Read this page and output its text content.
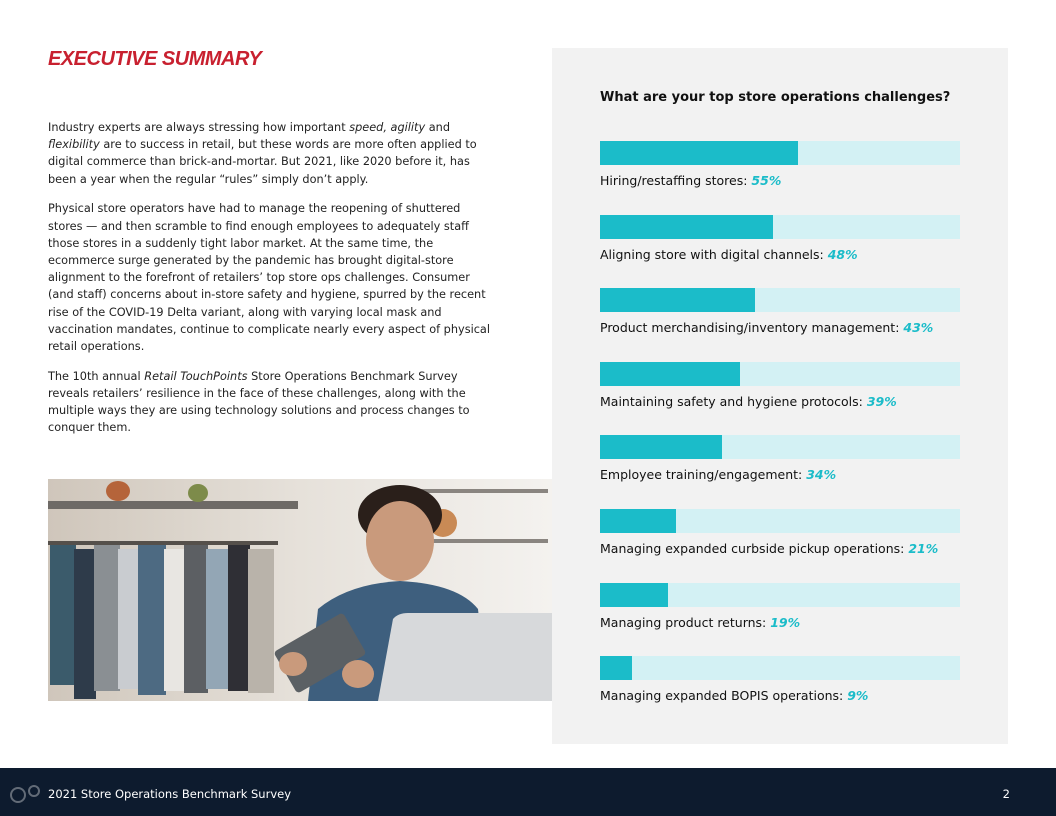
EXECUTIVE SUMMARY

Industry experts are always stressing how important speed, agility and flexibility are to success in retail, but these words are more often applied to digital commerce than brick-and-mortar. But 2021, like 2020 before it, has been a year when the regular “rules” simply don’t apply.

Physical store operators have had to manage the reopening of shuttered stores — and then scramble to find enough employees to adequately staff those stores in a suddenly tight labor market. At the same time, the ecommerce surge generated by the pandemic has brought digital-store alignment to the forefront of retailers’ top store ops challenges. Consumer (and staff) concerns about in-store safety and hygiene, spurred by the recent rise of the COVID-19 Delta variant, along with varying local mask and vaccination mandates, continue to complicate nearly every aspect of physical retail operations.

The 10th annual Retail TouchPoints Store Operations Benchmark Survey reveals retailers’ resilience in the face of these challenges, along with the multiple ways they are using technology solutions and process changes to conquer them.

What are your top store operations challenges?
Hiring/restaffing stores: 55%
Aligning store with digital channels: 48%
Product merchandising/inventory management: 43%
Maintaining safety and hygiene protocols: 39%
Employee training/engagement: 34%
Managing expanded curbside pickup operations: 21%
Managing product returns: 19%
Managing expanded BOPIS operations: 9%
2021 Store Operations Benchmark Survey	2
